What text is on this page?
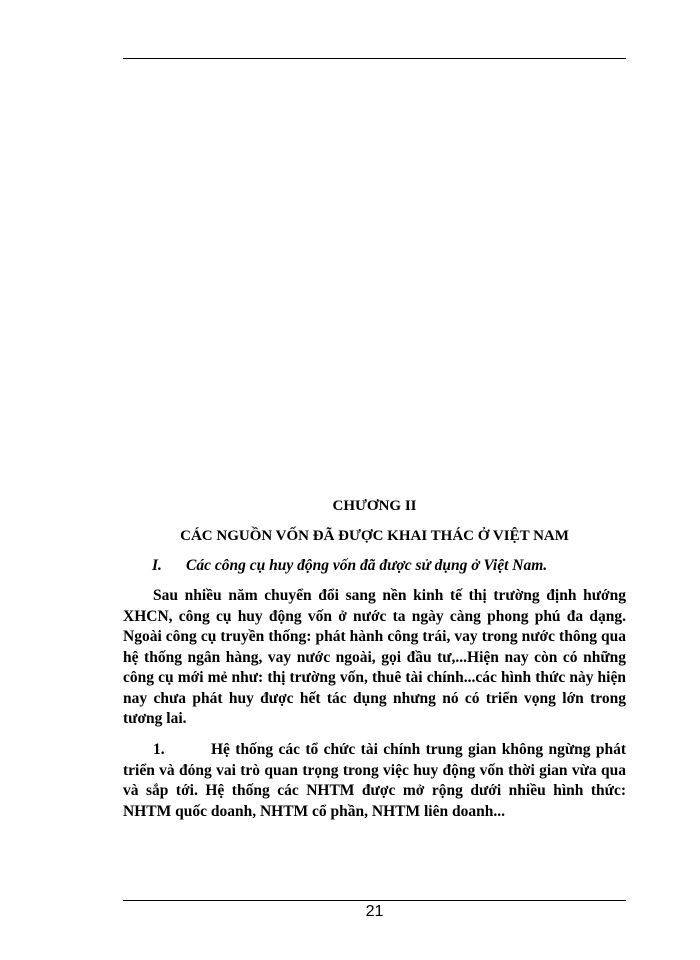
CHƯƠNG II
CÁC NGUỒN VỐN ĐÃ ĐƯỢC KHAI THÁC Ở VIỆT NAM
I. Các công cụ huy động vốn đã được sử dụng ở Việt Nam.

Sau nhiều năm chuyển đổi sang nền kinh tế thị trường định hướng XHCN, công cụ huy động vốn ở nước ta ngày càng phong phú đa dạng. Ngoài công cụ truyền thống: phát hành công trái, vay trong nước thông qua hệ thống ngân hàng, vay nước ngoài, gọi đầu tư,...Hiện nay còn có những công cụ mới mẻ như: thị trường vốn, thuê tài chính...các hình thức này hiện nay chưa phát huy được hết tác dụng nhưng nó có triển vọng lớn trong tương lai.

1.	Hệ thống các tổ chức tài chính trung gian không ngừng phát triển và đóng vai trò quan trọng trong việc huy động vốn thời gian vừa qua và sắp tới. Hệ thống các NHTM được mở rộng dưới nhiều hình thức: NHTM quốc doanh, NHTM cổ phần, NHTM liên doanh...

21
